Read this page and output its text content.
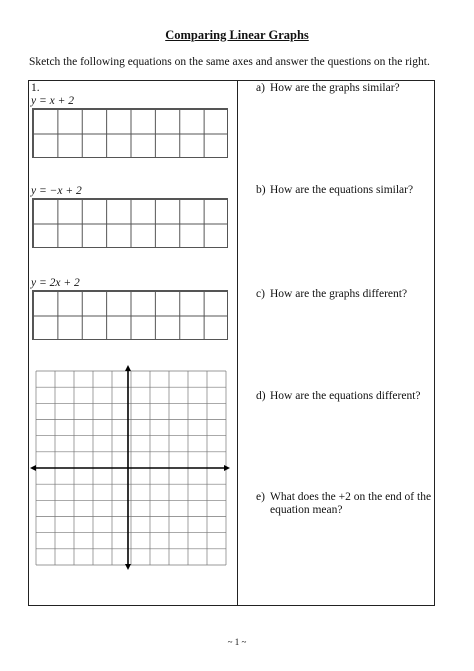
Comparing Linear Graphs
Sketch the following equations on the same axes and answer the questions on the right.
1.
y = x + 2
y = −x + 2
y = 2x + 2
a) How are the graphs similar?
b) How are the equations similar?
c) How are the graphs different?
d) How are the equations different?
e) What does the +2 on the end of the equation mean?
~ 1 ~
